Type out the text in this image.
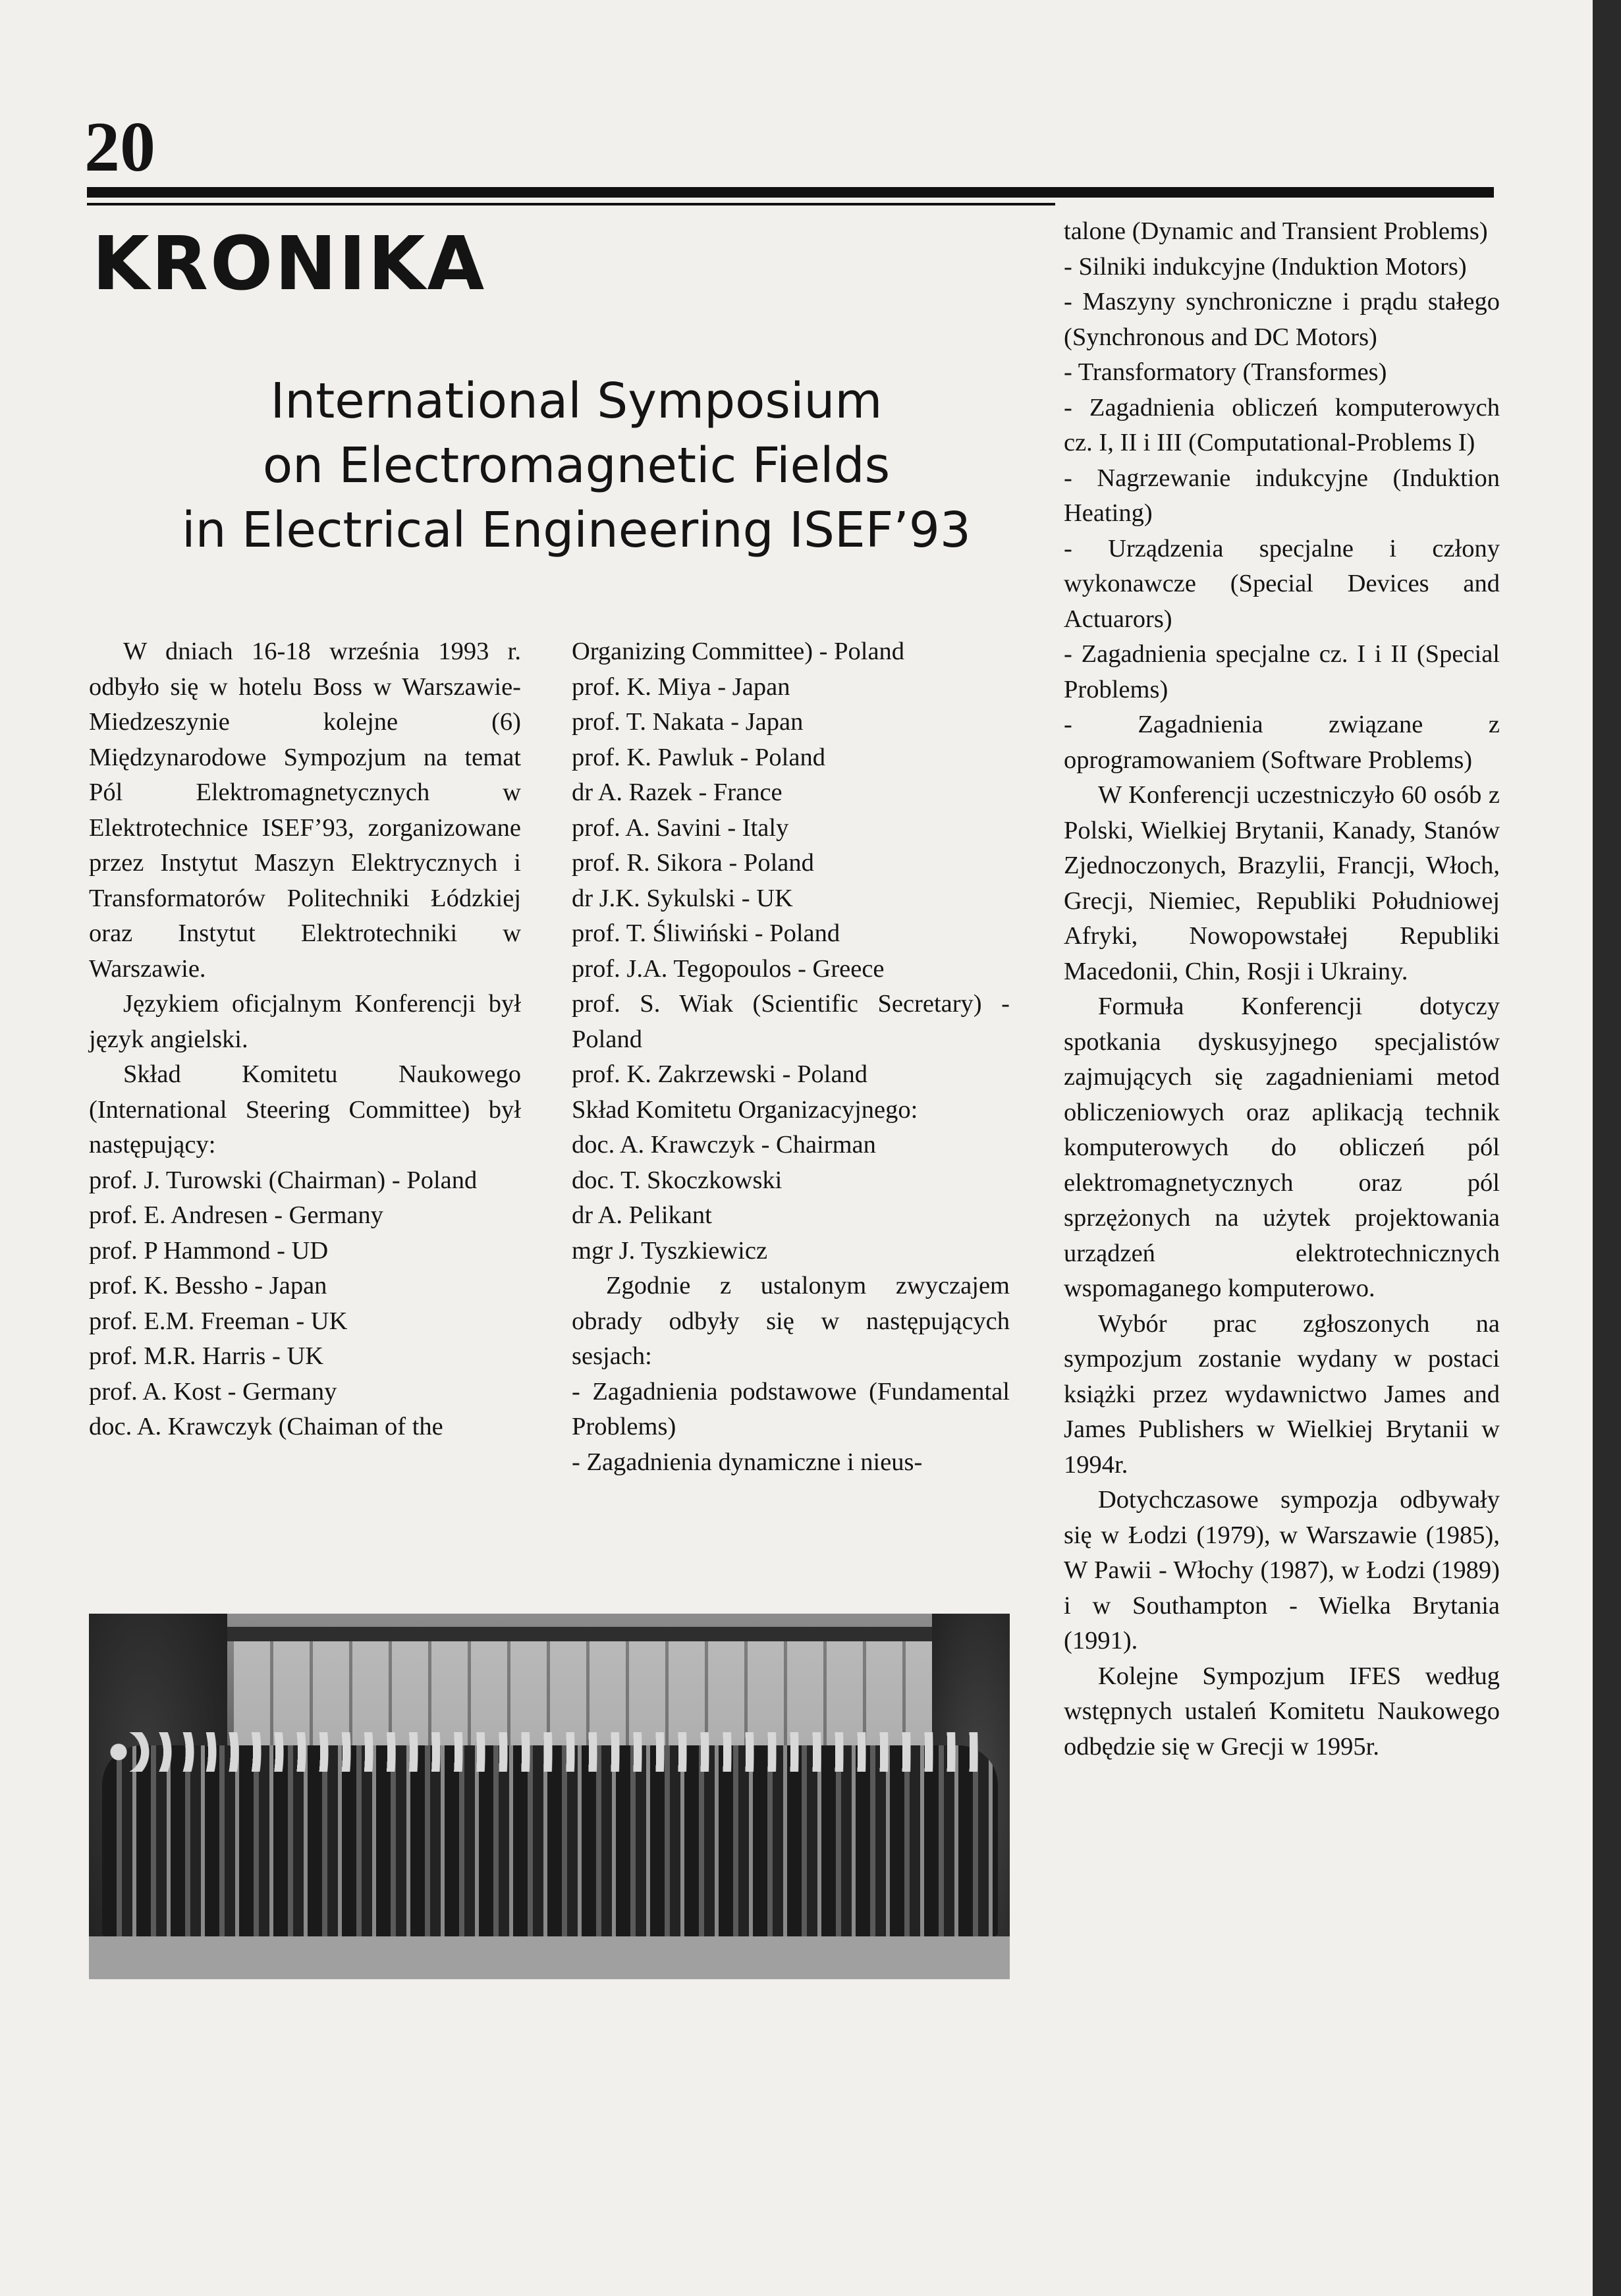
20
KRONIKA
International Symposium
on Electromagnetic Fields
in Electrical Engineering ISEF’93

W dniach 16-18 września 1993 r. odbyło się w hotelu Boss w Warszawie-Miedzeszynie kolejne (6) Międzynarodowe Sympozjum na temat Pól Elektromagnetycznych w Elektrotechnice ISEF’93, zorganizowane przez Instytut Maszyn Elektrycznych i Transformatorów Politechniki Łódzkiej oraz Instytut Elektrotechniki w Warszawie.

Językiem oficjalnym Konferencji był język angielski.

Skład Komitetu Naukowego (International Steering Committee) był następujący:

prof. J. Turowski (Chairman) - Poland

prof. E. Andresen - Germany

prof. P Hammond - UD

prof. K. Bessho - Japan

prof. E.M. Freeman - UK

prof. M.R. Harris - UK

prof. A. Kost - Germany

doc. A. Krawczyk (Chaiman of the

Organizing Committee) - Poland

prof. K. Miya - Japan

prof. T. Nakata - Japan

prof. K. Pawluk - Poland

dr A. Razek - France

prof. A. Savini - Italy

prof. R. Sikora - Poland

dr J.K. Sykulski - UK

prof. T. Śliwiński - Poland

prof. J.A. Tegopoulos - Greece

prof. S. Wiak (Scientific Secretary) - Poland

prof. K. Zakrzewski - Poland

Skład Komitetu Organizacyjnego:

doc. A. Krawczyk - Chairman

doc. T. Skoczkowski

dr A. Pelikant

mgr J. Tyszkiewicz

Zgodnie z ustalonym zwyczajem obrady odbyły się w następujących sesjach:

- Zagadnienia podstawowe (Fundamental Problems)

- Zagadnienia dynamiczne i nieus-

talone (Dynamic and Transient Problems)

- Silniki indukcyjne (Induktion Motors)

- Maszyny synchroniczne i prądu stałego (Synchronous and DC Motors)

- Transformatory (Transformes)

- Zagadnienia obliczeń komputerowych cz. I, II i III (Computational-Problems I)

- Nagrzewanie indukcyjne (Induktion Heating)

- Urządzenia specjalne i człony wykonawcze (Special Devices and Actuarors)

- Zagadnienia specjalne cz. I i II (Special Problems)

- Zagadnienia związane z oprogramowaniem (Software Problems)

W Konferencji uczestniczyło 60 osób z Polski, Wielkiej Brytanii, Kanady, Stanów Zjednoczonych, Brazylii, Francji, Włoch, Grecji, Niemiec, Republiki Południowej Afryki, Nowopowstałej Republiki Macedonii, Chin, Rosji i Ukrainy.

Formuła Konferencji dotyczy spotkania dyskusyjnego specjalistów zajmujących się zagadnieniami metod obliczeniowych oraz aplikacją technik komputerowych do obliczeń pól elektromagnetycznych oraz pól sprzężonych na użytek projektowania urządzeń elektrotechnicznych wspomaganego komputerowo.

Wybór prac zgłoszonych na sympozjum zostanie wydany w postaci książki przez wydawnictwo James and James Publishers w Wielkiej Brytanii w 1994r.

Dotychczasowe sympozja odbywały się w Łodzi (1979), w Warszawie (1985), W Pawii - Włochy (1987), w Łodzi (1989) i w Southampton - Wielka Brytania (1991).

Kolejne Sympozjum IFES według wstępnych ustaleń Komitetu Naukowego odbędzie się w Grecji w 1995r.
